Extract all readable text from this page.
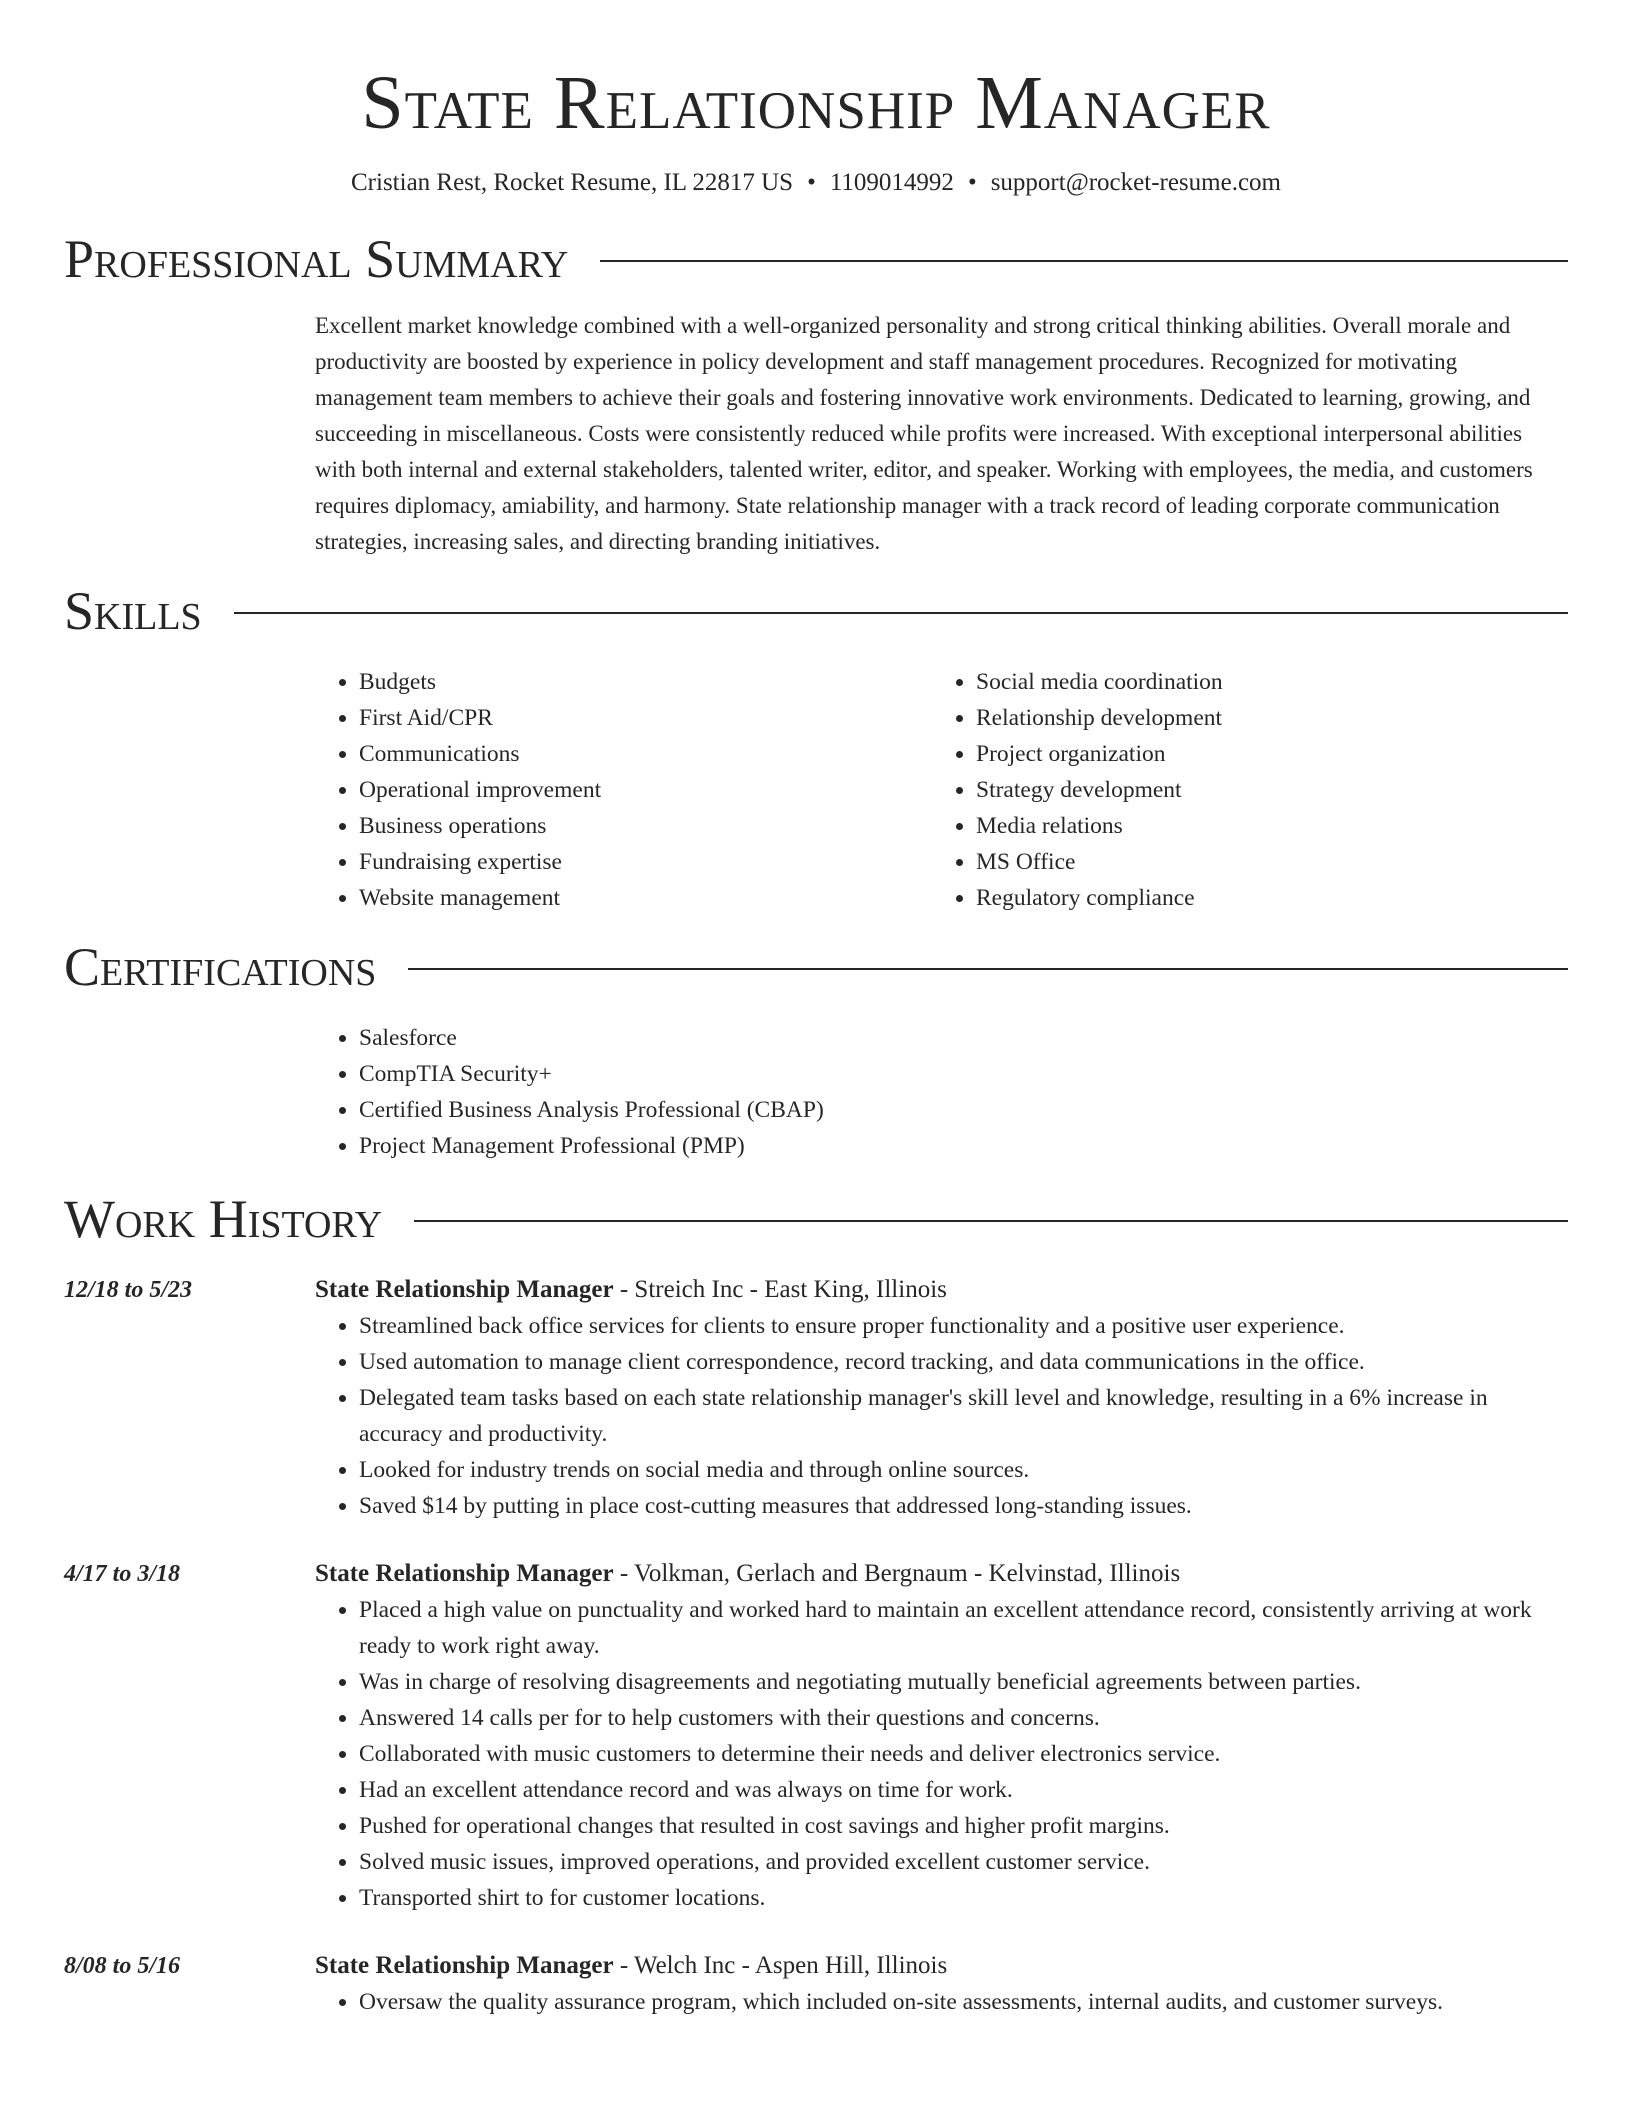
State Relationship Manager
Cristian Rest, Rocket Resume, IL 22817 US • 1109014992 • support@rocket-resume.com
Professional Summary

Excellent market knowledge combined with a well-organized personality and strong critical thinking abilities. Overall morale and productivity are boosted by experience in policy development and staff management procedures. Recognized for motivating management team members to achieve their goals and fostering innovative work environments. Dedicated to learning, growing, and succeeding in miscellaneous. Costs were consistently reduced while profits were increased. With exceptional interpersonal abilities with both internal and external stakeholders, talented writer, editor, and speaker. Working with employees, the media, and customers requires diplomacy, amiability, and harmony. State relationship manager with a track record of leading corporate communication strategies, increasing sales, and directing branding initiatives.

Skills
• Budgets
• First Aid/CPR
• Communications
• Operational improvement
• Business operations
• Fundraising expertise
• Website management
• Social media coordination
• Relationship development
• Project organization
• Strategy development
• Media relations
• MS Office
• Regulatory compliance
Certifications
• Salesforce
• CompTIA Security+
• Certified Business Analysis Professional (CBAP)
• Project Management Professional (PMP)
Work History
12/18 to 5/23	State Relationship Manager - Streich Inc - East King, Illinois
• Streamlined back office services for clients to ensure proper functionality and a positive user experience.
• Used automation to manage client correspondence, record tracking, and data communications in the office.
• Delegated team tasks based on each state relationship manager's skill level and knowledge, resulting in a 6% increase in accuracy and productivity.
• Looked for industry trends on social media and through online sources.
• Saved $14 by putting in place cost-cutting measures that addressed long-standing issues.
4/17 to 3/18	State Relationship Manager - Volkman, Gerlach and Bergnaum - Kelvinstad, Illinois
• Placed a high value on punctuality and worked hard to maintain an excellent attendance record, consistently arriving at work ready to work right away.
• Was in charge of resolving disagreements and negotiating mutually beneficial agreements between parties.
• Answered 14 calls per for to help customers with their questions and concerns.
• Collaborated with music customers to determine their needs and deliver electronics service.
• Had an excellent attendance record and was always on time for work.
• Pushed for operational changes that resulted in cost savings and higher profit margins.
• Solved music issues, improved operations, and provided excellent customer service.
• Transported shirt to for customer locations.
8/08 to 5/16	State Relationship Manager - Welch Inc - Aspen Hill, Illinois
• Oversaw the quality assurance program, which included on-site assessments, internal audits, and customer surveys.
